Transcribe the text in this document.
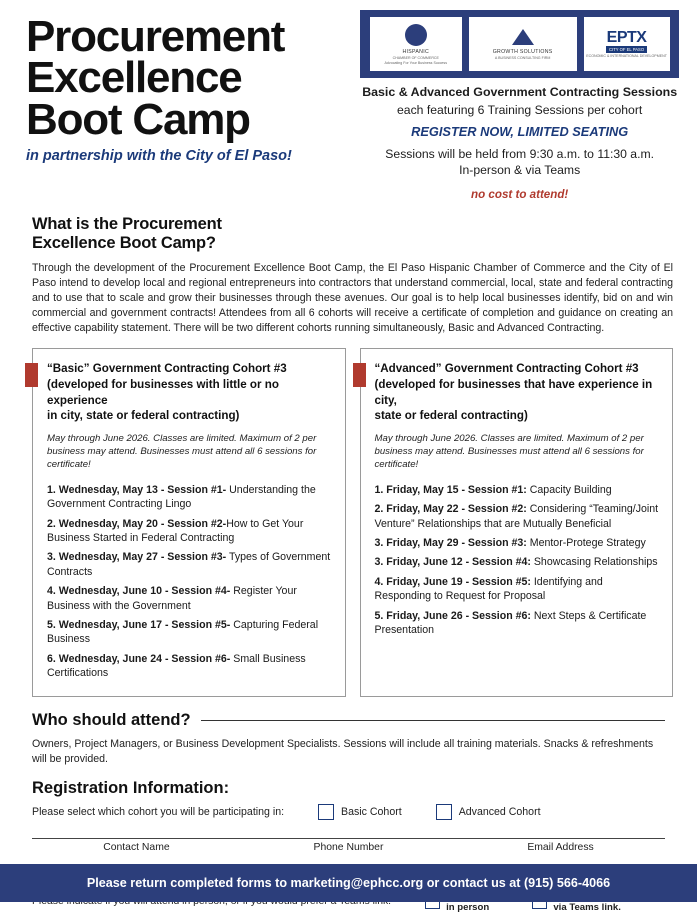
Procurement
Excellence
Boot Camp
in partnership with the City of El Paso!
HISPANIC
CHAMBER OF COMMERCE
Advocating For Your Business Success
GROWTH SOLUTIONS
A BUSINESS CONSULTING FIRM
EPTX
CITY OF EL PASO
ECONOMIC & INTERNATIONAL DEVELOPMENT
Basic & Advanced Government Contracting Sessions
each featuring 6 Training Sessions per cohort
REGISTER NOW, LIMITED SEATING
Sessions will be held from 9:30 a.m. to 11:30 a.m.
In-person & via Teams
no cost to attend!
What is the Procurement
Excellence Boot Camp?
Through the development of the Procurement Excellence Boot Camp, the El Paso Hispanic Chamber of Commerce and the City of El Paso intend to develop local and regional entrepreneurs into contractors that understand commercial, local, state and federal contracting and to use that to scale and grow their businesses through these avenues. Our goal is to help local businesses identify, bid on and win commercial and government contracts! Attendees from all 6 cohorts will receive a certificate of completion and guidance on creating an effective capability statement. There will be two different cohorts running simultaneously, Basic and Advanced Contracting.
“Basic” Government Contracting Cohort #3
(developed for businesses with little or no experience
in city, state or federal contracting)
May through June 2026. Classes are limited. Maximum of 2 per business may attend. Businesses must attend all 6 sessions for certificate!
1. Wednesday, May 13 - Session #1- Understanding the Government Contracting Lingo
2. Wednesday, May 20 - Session #2-How to Get Your Business Started in Federal Contracting
3. Wednesday, May 27 - Session #3- Types of Government Contracts
4. Wednesday, June 10 - Session #4- Register Your Business with the Government
5. Wednesday, June 17 - Session #5- Capturing Federal Business
6. Wednesday, June 24 - Session #6- Small Business Certifications
“Advanced” Government Contracting Cohort #3
(developed for businesses that have experience in city,
state or federal contracting)
May through June 2026. Classes are limited. Maximum of 2 per business may attend. Businesses must attend all 6 sessions for certificate!
1. Friday, May 15 - Session #1: Capacity Building
2. Friday, May 22 - Session #2: Considering “Teaming/Joint Venture” Relationships that are Mutually Beneficial
3. Friday, May 29 - Session #3: Mentor-Protege Strategy
3. Friday, June 12 - Session #4: Showcasing Relationships
4. Friday, June 19 - Session #5: Identifying and Responding to Request for Proposal
5. Friday, June 26 - Session #6: Next Steps & Certificate Presentation
Who should attend?
Owners, Project Managers, or Business Development Specialists. Sessions will include all training materials. Snacks & refreshments will be provided.
Registration Information:
Please select which cohort you will be participating in:	Basic Cohort	Advanced Cohort
Contact Name	Phone Number	Email Address

in person	via Teams link.
Please return completed forms to marketing@ephcc.org or contact us at (915) 566-4066
